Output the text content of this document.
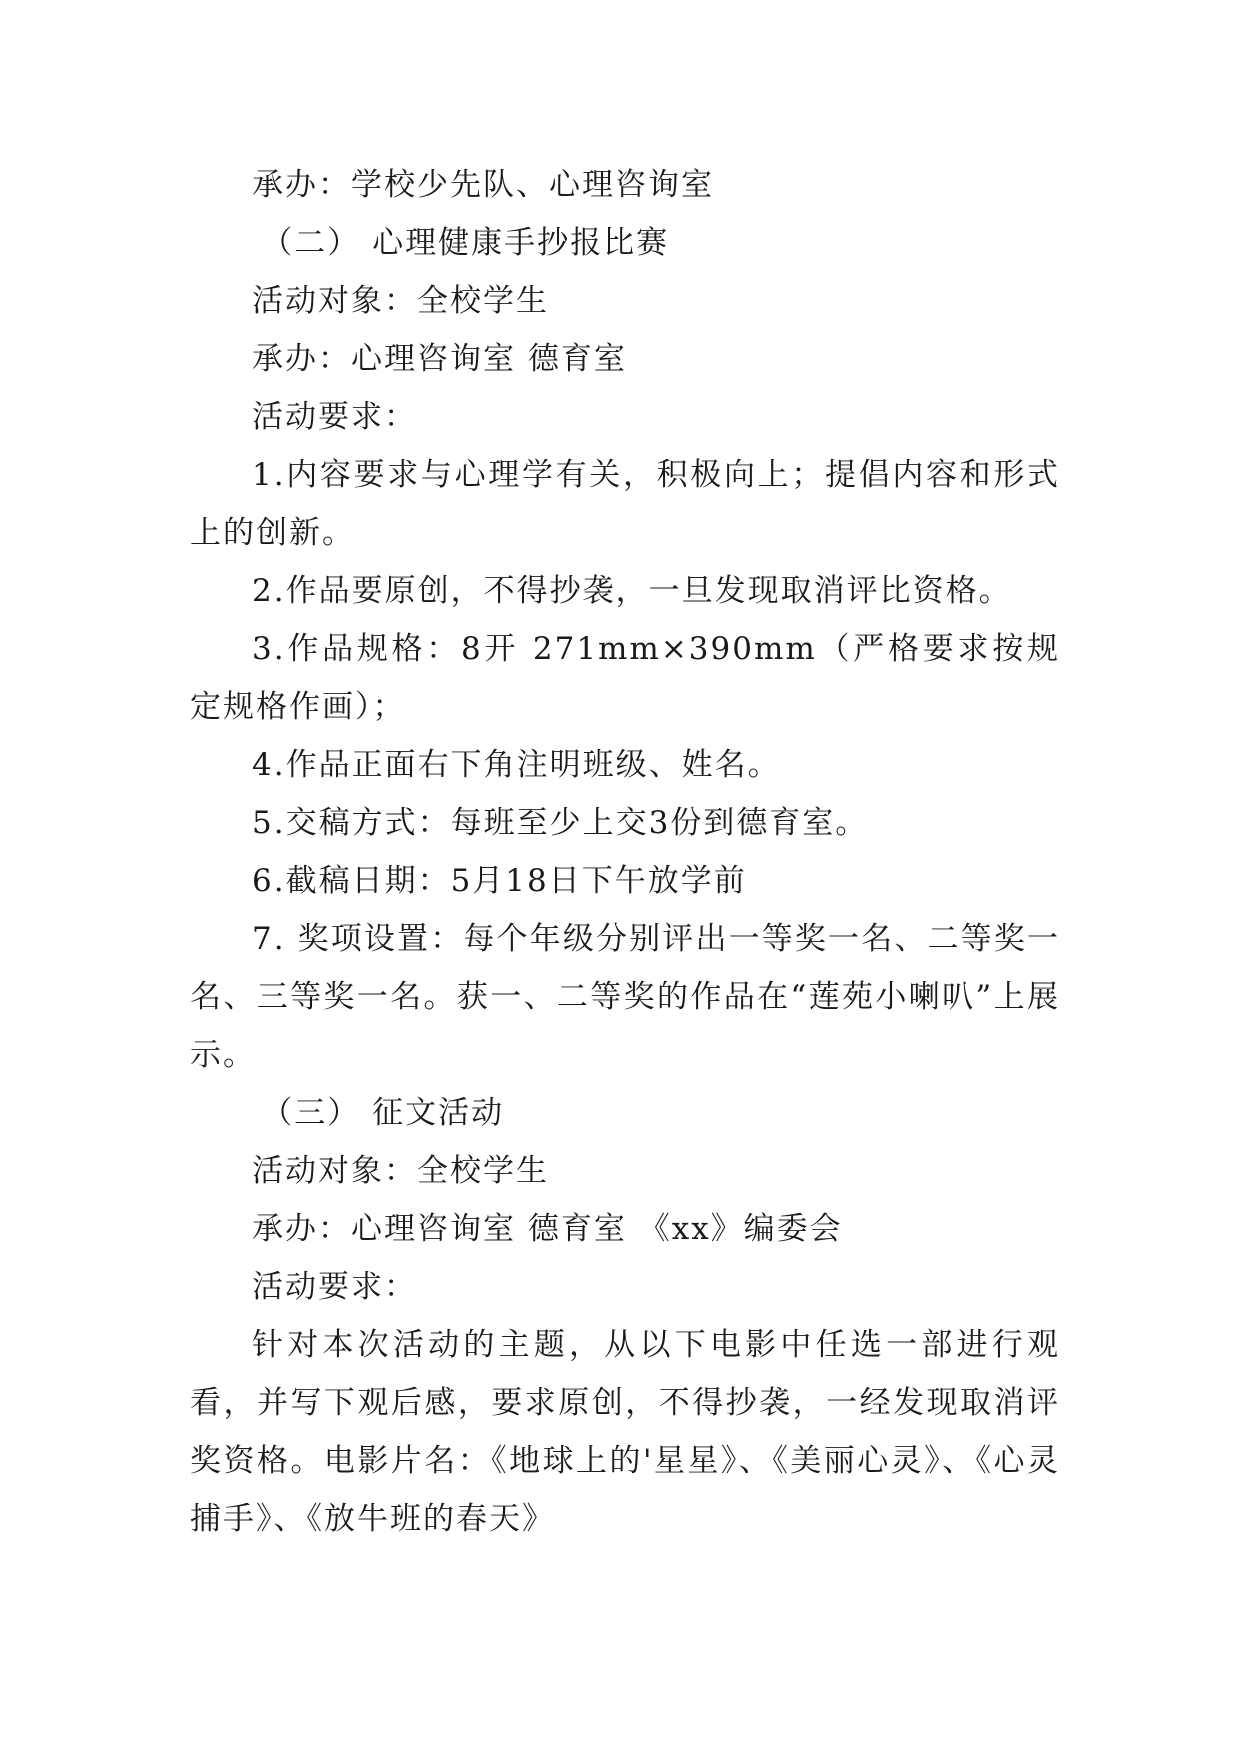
承办：学校少先队、心理咨询室

（二） 心理健康手抄报比赛

活动对象：全校学生

承办：心理咨询室 德育室

活动要求：

1.内容要求与心理学有关，积极向上；提倡内容和形式上的创新。

2.作品要原创，不得抄袭，一旦发现取消评比资格。

3.作品规格：8开 271mm×390mm（严格要求按规定规格作画）；

4.作品正面右下角注明班级、姓名。

5.交稿方式：每班至少上交3份到德育室。

6.截稿日期：5月18日下午放学前

7. 奖项设置：每个年级分别评出一等奖一名、二等奖一名、三等奖一名。获一、二等奖的作品在“莲苑小喇叭”上展示。

（三） 征文活动

活动对象：全校学生

承办：心理咨询室 德育室 《xx》编委会

活动要求：

针对本次活动的主题，从以下电影中任选一部进行观看，并写下观后感，要求原创，不得抄袭，一经发现取消评奖资格。电影片名：《地球上的'星星》、《美丽心灵》、《心灵捕手》、《放牛班的春天》
